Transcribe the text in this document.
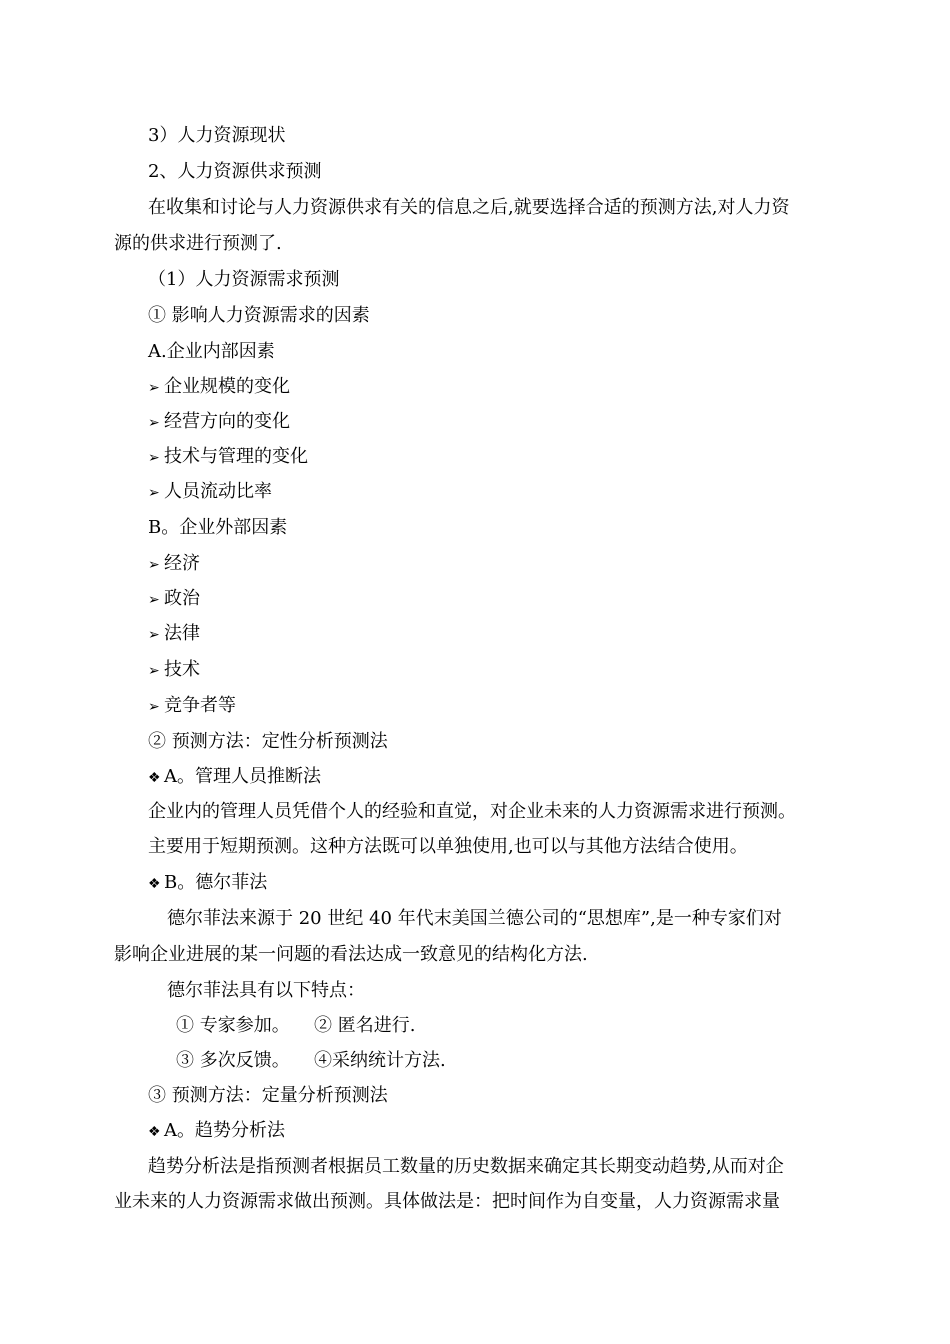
3）人力资源现状
2、人力资源供求预测
在收集和讨论与人力资源供求有关的信息之后,就要选择合适的预测方法,对人力资
源的供求进行预测了.
（1）人力资源需求预测
① 影响人力资源需求的因素
A.企业内部因素
➢ 企业规模的变化
➢ 经营方向的变化
➢ 技术与管理的变化
➢ 人员流动比率
B。企业外部因素
➢ 经济
➢ 政治
➢ 法律
➢ 技术
➢ 竞争者等
② 预测方法：定性分析预测法
❖ A。管理人员推断法
企业内的管理人员凭借个人的经验和直觉，对企业未来的人力资源需求进行预测。
主要用于短期预测。这种方法既可以单独使用,也可以与其他方法结合使用。
❖ B。德尔菲法
德尔菲法来源于 20 世纪 40 年代末美国兰德公司的“思想库”,是一种专家们对
影响企业进展的某一问题的看法达成一致意见的结构化方法.
德尔菲法具有以下特点：
① 专家参加。 ② 匿名进行.
③ 多次反馈。 ④采纳统计方法.
③ 预测方法：定量分析预测法
❖ A。趋势分析法
趋势分析法是指预测者根据员工数量的历史数据来确定其长期变动趋势,从而对企
业未来的人力资源需求做出预测。具体做法是：把时间作为自变量，人力资源需求量
